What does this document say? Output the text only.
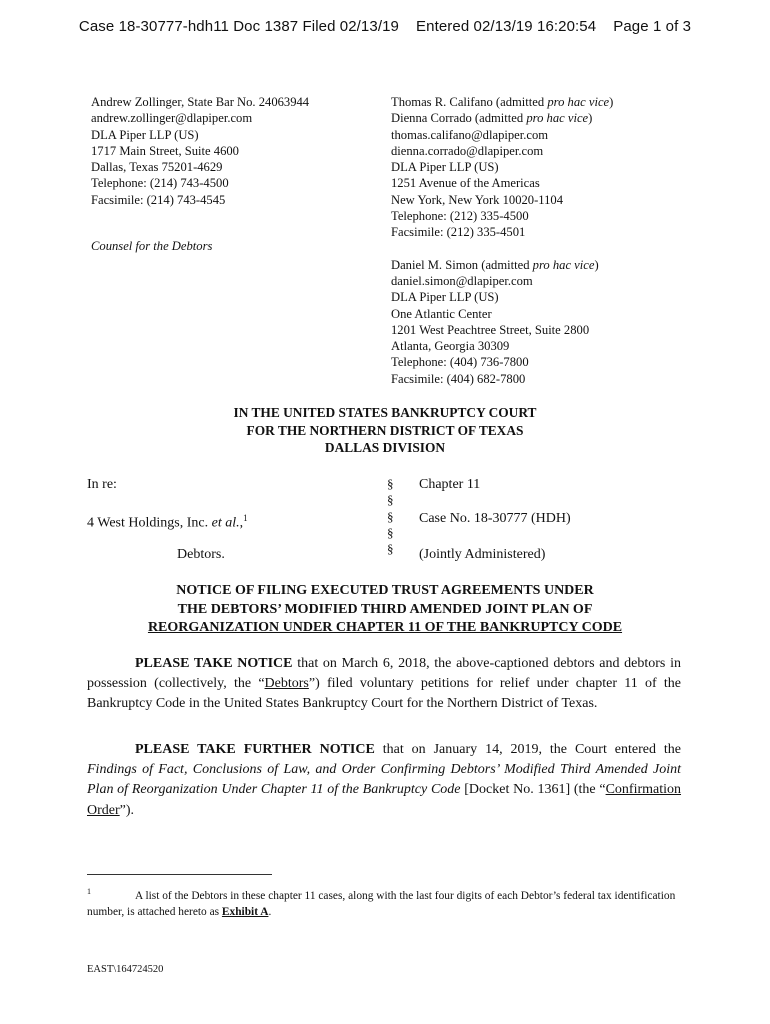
Case 18-30777-hdh11 Doc 1387 Filed 02/13/19    Entered 02/13/19 16:20:54    Page 1 of 3
Andrew Zollinger, State Bar No. 24063944
andrew.zollinger@dlapiper.com
DLA Piper LLP (US)
1717 Main Street, Suite 4600
Dallas, Texas 75201-4629
Telephone: (214) 743-4500
Facsimile: (214) 743-4545
Counsel for the Debtors
Thomas R. Califano (admitted pro hac vice)
Dienna Corrado (admitted pro hac vice)
thomas.califano@dlapiper.com
dienna.corrado@dlapiper.com
DLA Piper LLP (US)
1251 Avenue of the Americas
New York, New York 10020-1104
Telephone: (212) 335-4500
Facsimile: (212) 335-4501
Daniel M. Simon (admitted pro hac vice)
daniel.simon@dlapiper.com
DLA Piper LLP (US)
One Atlantic Center
1201 West Peachtree Street, Suite 2800
Atlanta, Georgia 30309
Telephone: (404) 736-7800
Facsimile: (404) 682-7800
IN THE UNITED STATES BANKRUPTCY COURT
FOR THE NORTHERN DISTRICT OF TEXAS
DALLAS DIVISION
In re:
4 West Holdings, Inc. et al.,$^1$
Debtors.
§
§
§
§
§
Chapter 11
Case No. 18-30777 (HDH)
(Jointly Administered)
NOTICE OF FILING EXECUTED TRUST AGREEMENTS UNDER
THE DEBTORS’ MODIFIED THIRD AMENDED JOINT PLAN OF
REORGANIZATION UNDER CHAPTER 11 OF THE BANKRUPTCY CODE
PLEASE TAKE NOTICE that on March 6, 2018, the above-captioned debtors and debtors in possession (collectively, the “Debtors”) filed voluntary petitions for relief under chapter 11 of the Bankruptcy Code in the United States Bankruptcy Court for the Northern District of Texas.
PLEASE TAKE FURTHER NOTICE that on January 14, 2019, the Court entered the Findings of Fact, Conclusions of Law, and Order Confirming Debtors’ Modified Third Amended Joint Plan of Reorganization Under Chapter 11 of the Bankruptcy Code [Docket No. 1361] (the “Confirmation Order”).
$^1$	A list of the Debtors in these chapter 11 cases, along with the last four digits of each Debtor’s federal tax identification number, is attached hereto as Exhibit A.
EAST\164724520
